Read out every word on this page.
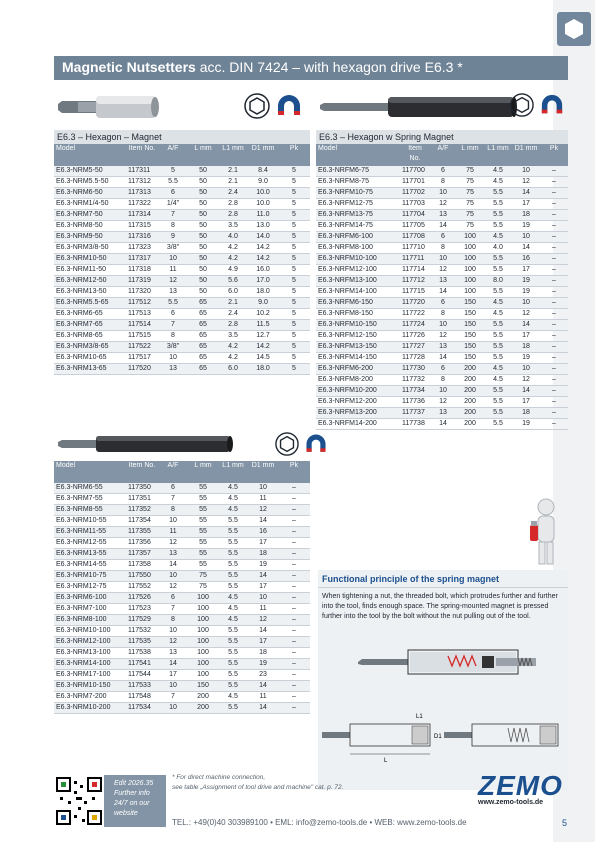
Magnetic Nutsetters acc. DIN 7424 – with hexagon drive E6.3 *
E6.3 – Hexagon – Magnet
Model	Item No.	A/F	L mm	L1 mm	D1 mm	Pk
E6.3-NRM5-50	117311	5	50	2.1	8.4	5
E6.3-NRM5.5-50	117312	5.5	50	2.1	9.0	5
E6.3-NRM6-50	117313	6	50	2.4	10.0	5
E6.3-NRM1/4-50	117322	1/4"	50	2.8	10.0	5
E6.3-NRM7-50	117314	7	50	2.8	11.0	5
E6.3-NRM8-50	117315	8	50	3.5	13.0	5
E6.3-NRM9-50	117316	9	50	4.0	14.0	5
E6.3-NRM3/8-50	117323	3/8"	50	4.2	14.2	5
E6.3-NRM10-50	117317	10	50	4.2	14.2	5
E6.3-NRM11-50	117318	11	50	4.9	16.0	5
E6.3-NRM12-50	117319	12	50	5.6	17.0	5
E6.3-NRM13-50	117320	13	50	6.0	18.0	5
E6.3-NRM5.5-65	117512	5.5	65	2.1	9.0	5
E6.3-NRM6-65	117513	6	65	2.4	10.2	5
E6.3-NRM7-65	117514	7	65	2.8	11.5	5
E6.3-NRM8-65	117515	8	65	3.5	12.7	5
E6.3-NRM3/8-65	117522	3/8"	65	4.2	14.2	5
E6.3-NRM10-65	117517	10	65	4.2	14.5	5
E6.3-NRM13-65	117520	13	65	6.0	18.0	5
Model	Item No.	A/F	L mm	L1 mm	D1 mm	Pk
E6.3-NRM6-55	117350	6	55	4.5	10	–
E6.3-NRM7-55	117351	7	55	4.5	11	–
E6.3-NRM8-55	117352	8	55	4.5	12	–
E6.3-NRM10-55	117354	10	55	5.5	14	–
E6.3-NRM11-55	117355	11	55	5.5	16	–
E6.3-NRM12-55	117356	12	55	5.5	17	–
E6.3-NRM13-55	117357	13	55	5.5	18	–
E6.3-NRM14-55	117358	14	55	5.5	19	–
E6.3-NRM10-75	117550	10	75	5.5	14	–
E6.3-NRM12-75	117552	12	75	5.5	17	–
E6.3-NRM6-100	117526	6	100	4.5	10	–
E6.3-NRM7-100	117523	7	100	4.5	11	–
E6.3-NRM8-100	117529	8	100	4.5	12	–
E6.3-NRM10-100	117532	10	100	5.5	14	–
E6.3-NRM12-100	117535	12	100	5.5	17	–
E6.3-NRM13-100	117538	13	100	5.5	18	–
E6.3-NRM14-100	117541	14	100	5.5	19	–
E6.3-NRM17-100	117544	17	100	5.5	23	–
E6.3-NRM10-150	117533	10	150	5.5	14	–
E6.3-NRM7-200	117548	7	200	4.5	11	–
E6.3-NRM10-200	117534	10	200	5.5	14	–
E6.3 – Hexagon w Spring Magnet
Model	Item No.	A/F	L mm	L1 mm	D1 mm	Pk
E6.3-NRFM6-75	117700	6	75	4.5	10	–
E6.3-NRFM8-75	117701	8	75	4.5	12	–
E6.3-NRFM10-75	117702	10	75	5.5	14	–
E6.3-NRFM12-75	117703	12	75	5.5	17	–
E6.3-NRFM13-75	117704	13	75	5.5	18	–
E6.3-NRFM14-75	117705	14	75	5.5	19	–
E6.3-NRFM6-100	117708	6	100	4.5	10	–
E6.3-NRFM8-100	117710	8	100	4.0	14	–
E6.3-NRFM10-100	117711	10	100	5.5	16	–
E6.3-NRFM12-100	117714	12	100	5.5	17	–
E6.3-NRFM13-100	117712	13	100	8.0	19	–
E6.3-NRFM14-100	117715	14	100	5.5	19	–
E6.3-NRFM6-150	117720	6	150	4.5	10	–
E6.3-NRFM8-150	117722	8	150	4.5	12	–
E6.3-NRFM10-150	117724	10	150	5.5	14	–
E6.3-NRFM12-150	117726	12	150	5.5	17	–
E6.3-NRFM13-150	117727	13	150	5.5	18	–
E6.3-NRFM14-150	117728	14	150	5.5	19	–
E6.3-NRFM6-200	117730	6	200	4.5	10	–
E6.3-NRFM8-200	117732	8	200	4.5	12	–
E6.3-NRFM10-200	117734	10	200	5.5	14	–
E6.3-NRFM12-200	117736	12	200	5.5	17	–
E6.3-NRFM13-200	117737	13	200	5.5	18	–
E6.3-NRFM14-200	117738	14	200	5.5	19	–
Functional principle of the spring magnet

When tightening a nut, the threaded bolt, which protrudes further and further into the tool, finds enough space. The spring-mounted magnet is pressed further into the tool by the bolt without the nut pulling out of the tool.

L
L1
D1
Edit 2026.35
Further info
24/7 on our
website
* For direct machine connection,
see table „Assignment of tool drive and machine" cat. p. 72.	ZEMO
www.zemo-tools.de
TEL.: +49(0)40 303989100 • EML: info@zemo-tools.de • WEB: www.zemo-tools.de	5
